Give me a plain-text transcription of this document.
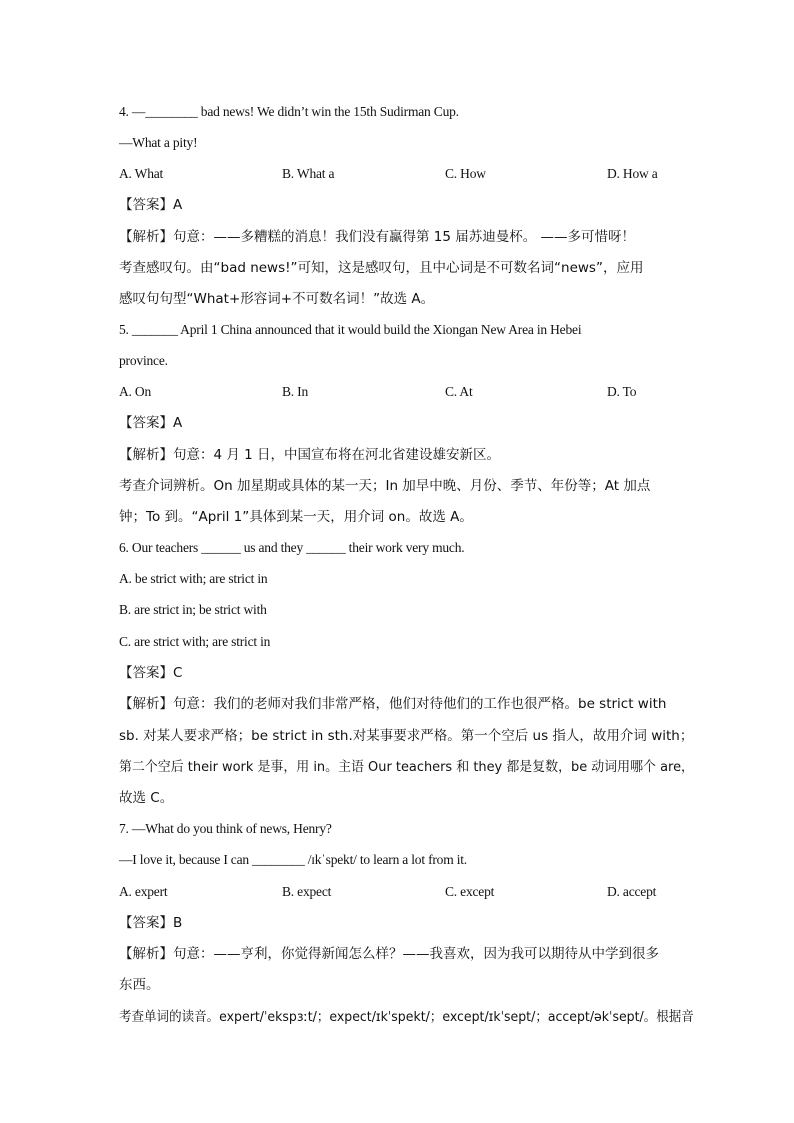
4. —________ bad news! We didn’t win the 15th Sudirman Cup.
—What a pity!
A. What	B. What a	C. How	D. How a
【答案】A
【解析】句意：——多糟糕的消息！我们没有赢得第 15 届苏迪曼杯。 ——多可惜呀！
考查感叹句。由“bad news!”可知，这是感叹句，且中心词是不可数名词“news”，应用
感叹句句型“What+形容词+不可数名词！”故选 A。
5. _______ April 1 China announced that it would build the Xiongan New Area in Hebei
province.
A. On	B. In	C. At	D. To
【答案】A
【解析】句意：4 月 1 日，中国宣布将在河北省建设雄安新区。
考查介词辨析。On 加星期或具体的某一天；In 加早中晚、月份、季节、年份等；At 加点
钟；To 到。“April 1”具体到某一天，用介词 on。故选 A。
6. Our teachers ______ us and they ______ their work very much.
A. be strict with; are strict in
B. are strict in; be strict with
C. are strict with; are strict in
【答案】C
【解析】句意：我们的老师对我们非常严格，他们对待他们的工作也很严格。be strict with
sb. 对某人要求严格；be strict in sth.对某事要求严格。第一个空后 us 指人，故用介词 with；
第二个空后 their work 是事，用 in。主语 Our teachers 和 they 都是复数，be 动词用哪个 are，
故选 C。
7. —What do you think of news, Henry?
—I love it, because I can ________ /ɪkˈspekt/ to learn a lot from it.
A. expert	B. expect	C. except	D. accept
【答案】B
【解析】句意：——亨利，你觉得新闻怎么样？——我喜欢，因为我可以期待从中学到很多
东西。
考查单词的读音。expert/ˈekspɜːt/；expect/ɪkˈspekt/；except/ɪkˈsept/；accept/əkˈsept/。根据音
